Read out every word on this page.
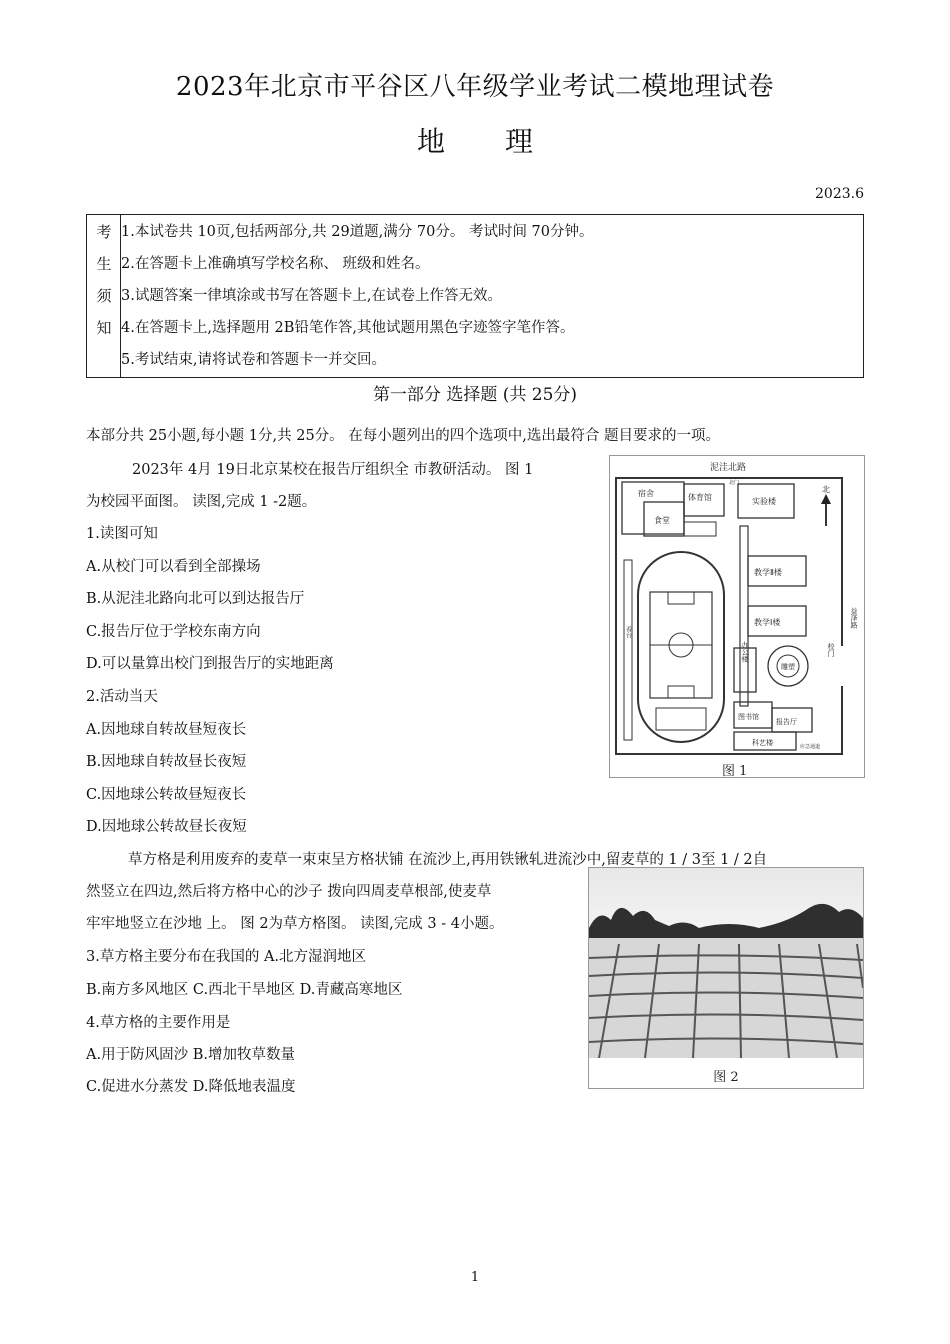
2023年北京市平谷区八年级学业考试二模地理试卷
地 理
2023.6
考
生
须
知
1.本试卷共 10页,包括两部分,共 29道题,满分 70分。 考试时间 70分钟。
2.在答题卡上准确填写学校名称、 班级和姓名。
3.试题答案一律填涂或书写在答题卡上,在试卷上作答无效。
4.在答题卡上,选择题用 2B铅笔作答,其他试题用黑色字迹签字笔作答。
5.考试结束,请将试卷和答题卡一并交回。
第一部分 选择题 (共 25分)
本部分共 25小题,每小题 1分,共 25分。 在每小题列出的四个选项中,选出最符合 题目要求的一项。
2023年 4月 19日北京某校在报告厅组织全 市教研活动。 图 1
为校园平面图。 读图,完成 1 -2题。
1.读图可知
A.从校门可以看到全部操场
B.从泥洼北路向北可以到达报告厅
C.报告厅位于学校东南方向
D.可以量算出校门到报告厅的实地距离
2.活动当天
A.因地球自转故昼短夜长
B.因地球自转故昼长夜短
C.因地球公转故昼短夜长
D.因地球公转故昼长夜短
草方格是利用废弃的麦草一束束呈方格状铺 在流沙上,再用铁锹轧进流沙中,留麦草的 1 / 3至 1 / 2自
然竖立在四边,然后将方格中心的沙子 拨向四周麦草根部,使麦草
牢牢地竖立在沙地 上。 图 2为草方格图。 读图,完成 3 - 4小题。
3.草方格主要分布在我国的 A.北方湿润地区
B.南方多风地区 C.西北干旱地区 D.青藏高寒地区
4.草方格的主要作用是
A.用于防风固沙 B.增加牧草数量
C.促进水分蒸发 D.降低地表温度
泥洼北路
北门
宿舍	体育馆
食堂
实验楼
北
教学Ⅱ楼
教学Ⅰ楼	益泽路
办公楼
雕塑
校门
图书馆
报告厅
科艺楼
看台
应急通道
图 1
图 2
1
